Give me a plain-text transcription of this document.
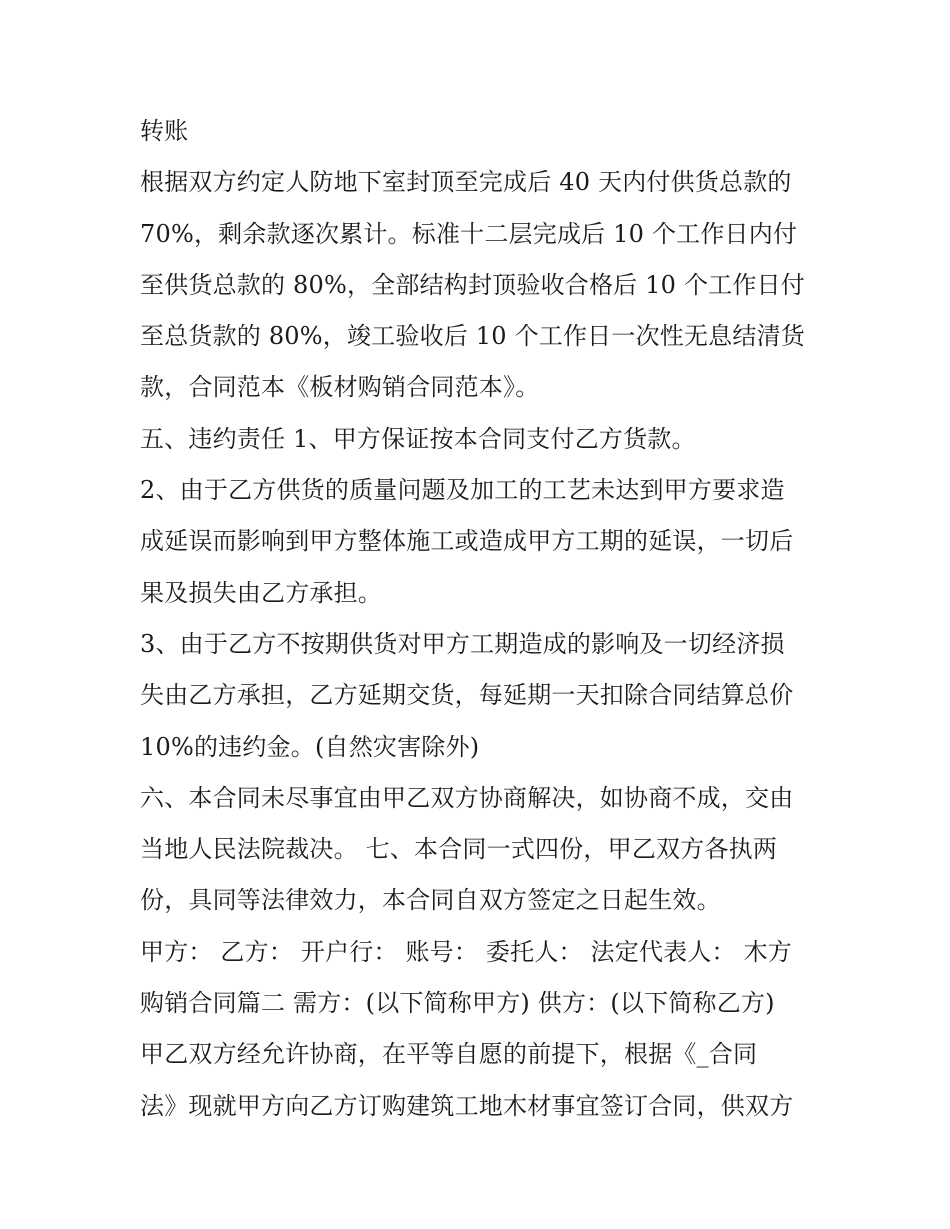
转账
根据双方约定人防地下室封顶至完成后 40 天内付供货总款的
70%，剩余款逐次累计。标准十二层完成后 10 个工作日内付
至供货总款的 80%，全部结构封顶验收合格后 10 个工作日付
至总货款的 80%，竣工验收后 10 个工作日一次性无息结清货
款，合同范本《板材购销合同范本》。
五、违约责任 1、甲方保证按本合同支付乙方货款。
2、由于乙方供货的质量问题及加工的工艺未达到甲方要求造
成延误而影响到甲方整体施工或造成甲方工期的延误，一切后
果及损失由乙方承担。
3、由于乙方不按期供货对甲方工期造成的影响及一切经济损
失由乙方承担，乙方延期交货，每延期一天扣除合同结算总价
10%的违约金。(自然灾害除外)
六、本合同未尽事宜由甲乙双方协商解决，如协商不成，交由
当地人民法院裁决。 七、本合同一式四份，甲乙双方各执两
份，具同等法律效力，本合同自双方签定之日起生效。
甲方： 乙方： 开户行： 账号： 委托人： 法定代表人： 木方
购销合同篇二 需方：(以下简称甲方) 供方：(以下简称乙方)
甲乙双方经允许协商，在平等自愿的前提下，根据《_合同
法》现就甲方向乙方订购建筑工地木材事宜签订合同，供双方
